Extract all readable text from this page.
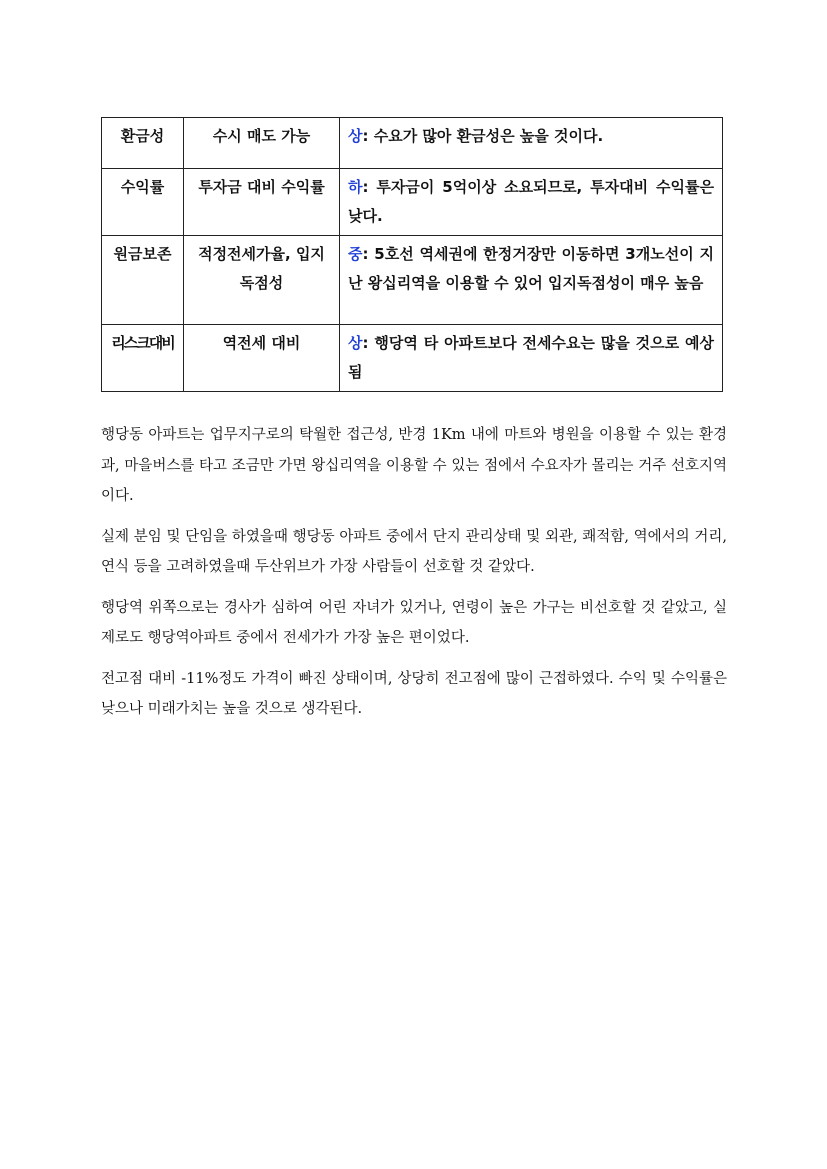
환금성	수시 매도 가능	상: 수요가 많아 환금성은 높을 것이다.
수익률	투자금 대비 수익률	하: 투자금이 5억이상 소요되므로, 투자대비 수익률은 낮다.
원금보존	적정전세가율, 입지독점성	중: 5호선 역세권에 한정거장만 이동하면 3개노선이 지난 왕십리역을 이용할 수 있어 입지독점성이 매우 높음
리스크대비	역전세 대비	상: 행당역 타 아파트보다 전세수요는 많을 것으로 예상됨

행당동 아파트는 업무지구로의 탁월한 접근성, 반경 1Km 내에 마트와 병원을 이용할 수 있는 환경과, 마을버스를 타고 조금만 가면 왕십리역을 이용할 수 있는 점에서 수요자가 몰리는 거주 선호지역이다.

실제 분임 및 단임을 하였을때 행당동 아파트 중에서 단지 관리상태 및 외관, 쾌적함, 역에서의 거리, 연식 등을 고려하였을때 두산위브가 가장 사람들이 선호할 것 같았다.

행당역 위쪽으로는 경사가 심하여 어린 자녀가 있거나, 연령이 높은 가구는 비선호할 것 같았고, 실제로도 행당역아파트 중에서 전세가가 가장 높은 편이었다.

전고점 대비 -11%정도 가격이 빠진 상태이며, 상당히 전고점에 많이 근접하였다. 수익 및 수익률은 낮으나 미래가치는 높을 것으로 생각된다.
